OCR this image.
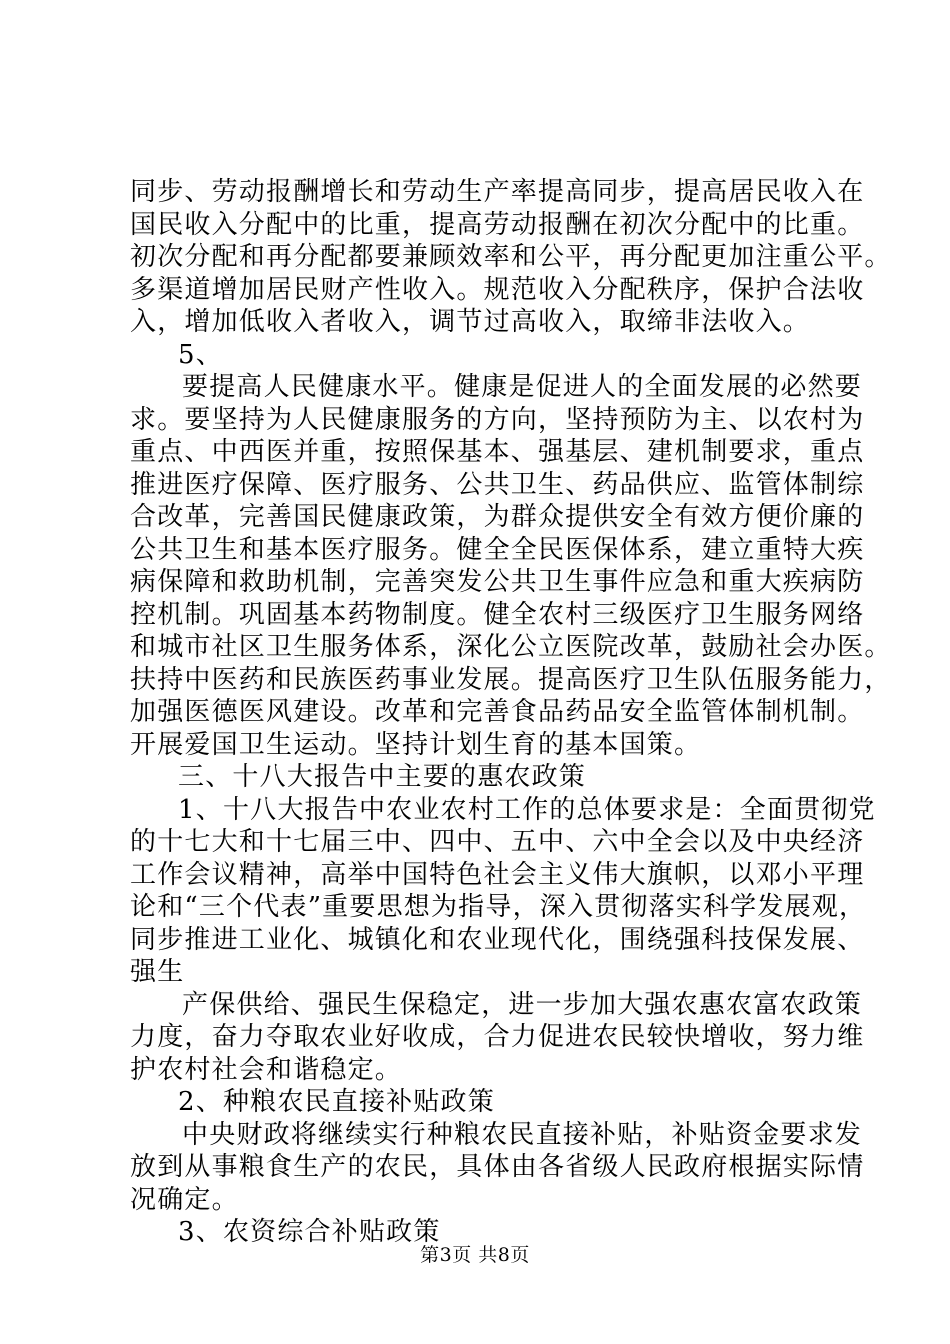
同步、劳动报酬增长和劳动生产率提高同步，提高居民收入在
国民收入分配中的比重，提高劳动报酬在初次分配中的比重。
初次分配和再分配都要兼顾效率和公平，再分配更加注重公平。
多渠道增加居民财产性收入。规范收入分配秩序，保护合法收
入，增加低收入者收入，调节过高收入，取缔非法收入。
5、
要提高人民健康水平。健康是促进人的全面发展的必然要
求。要坚持为人民健康服务的方向，坚持预防为主、以农村为
重点、中西医并重，按照保基本、强基层、建机制要求，重点
推进医疗保障、医疗服务、公共卫生、药品供应、监管体制综
合改革，完善国民健康政策，为群众提供安全有效方便价廉的
公共卫生和基本医疗服务。健全全民医保体系，建立重特大疾
病保障和救助机制，完善突发公共卫生事件应急和重大疾病防
控机制。巩固基本药物制度。健全农村三级医疗卫生服务网络
和城市社区卫生服务体系，深化公立医院改革，鼓励社会办医。
扶持中医药和民族医药事业发展。提高医疗卫生队伍服务能力，
加强医德医风建设。改革和完善食品药品安全监管体制机制。
开展爱国卫生运动。坚持计划生育的基本国策。
三、十八大报告中主要的惠农政策
1、十八大报告中农业农村工作的总体要求是：全面贯彻党
的十七大和十七届三中、四中、五中、六中全会以及中央经济
工作会议精神，高举中国特色社会主义伟大旗帜，以邓小平理
论和“三个代表”重要思想为指导，深入贯彻落实科学发展观，
同步推进工业化、城镇化和农业现代化，围绕强科技保发展、
强生
产保供给、强民生保稳定，进一步加大强农惠农富农政策
力度，奋力夺取农业好收成，合力促进农民较快增收，努力维
护农村社会和谐稳定。
2、种粮农民直接补贴政策
中央财政将继续实行种粮农民直接补贴，补贴资金要求发
放到从事粮食生产的农民，具体由各省级人民政府根据实际情
况确定。
3、农资综合补贴政策
第3页 共8页
